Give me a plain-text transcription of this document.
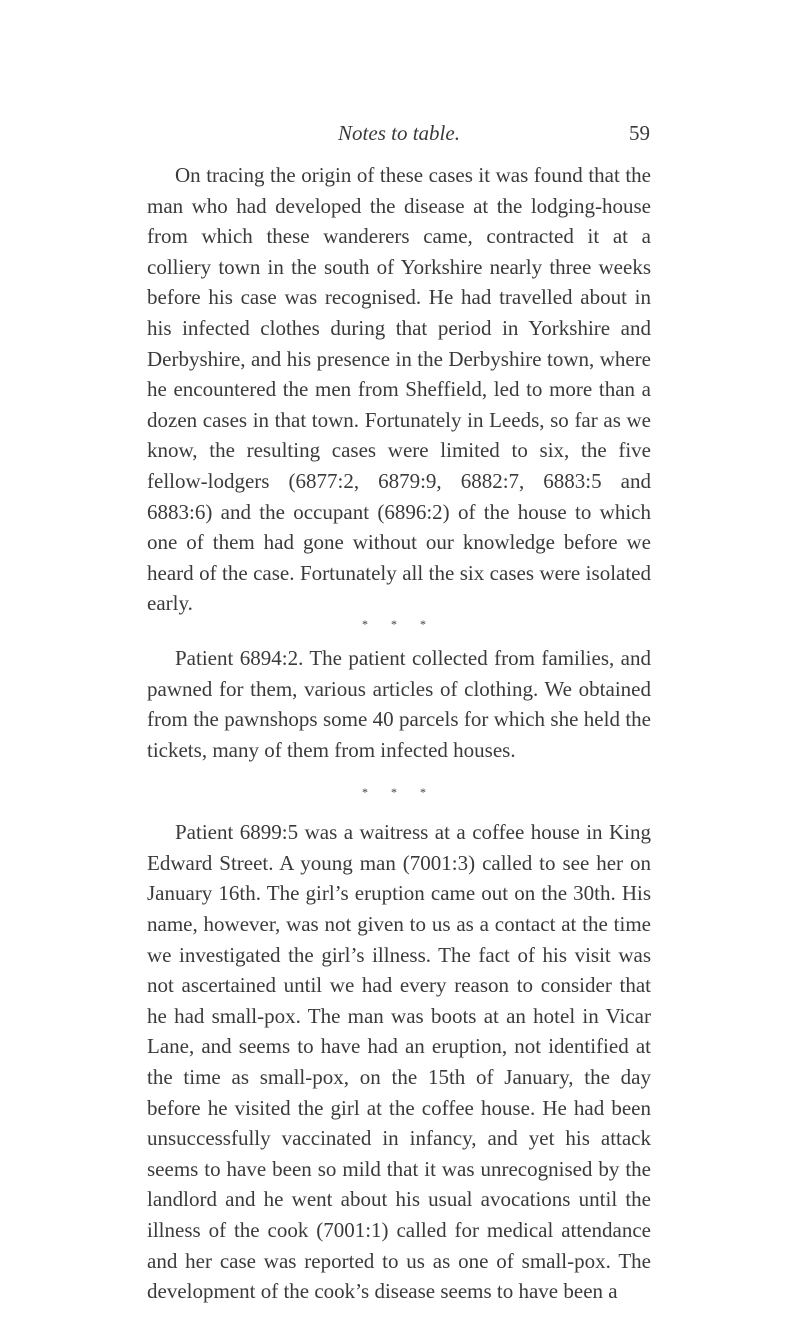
Notes to table.	59

On tracing the origin of these cases it was found that the man who had developed the disease at the lodging-house from which these wanderers came, contracted it at a colliery town in the south of Yorkshire nearly three weeks before his case was recognised. He had travelled about in his infected clothes during that period in Yorkshire and Derbyshire, and his presence in the Derbyshire town, where he encountered the men from Sheffield, led to more than a dozen cases in that town. Fortunately in Leeds, so far as we know, the resulting cases were limited to six, the five fellow-lodgers (6877:2, 6879:9, 6882:7, 6883:5 and 6883:6) and the occupant (6896:2) of the house to which one of them had gone without our knowledge before we heard of the case. Fortunately all the six cases were isolated early.

* * *

Patient 6894:2. The patient collected from families, and pawned for them, various articles of clothing. We obtained from the pawnshops some 40 parcels for which she held the tickets, many of them from infected houses.

* * *

Patient 6899:5 was a waitress at a coffee house in King Edward Street. A young man (7001:3) called to see her on January 16th. The girl’s eruption came out on the 30th. His name, however, was not given to us as a contact at the time we investigated the girl’s illness. The fact of his visit was not ascertained until we had every reason to consider that he had small-pox. The man was boots at an hotel in Vicar Lane, and seems to have had an eruption, not identified at the time as small-pox, on the 15th of January, the day before he visited the girl at the coffee house. He had been unsuccessfully vaccinated in infancy, and yet his attack seems to have been so mild that it was unrecognised by the landlord and he went about his usual avocations until the illness of the cook (7001:1) called for medical attendance and her case was reported to us as one of small-pox. The development of the cook’s disease seems to have been a
